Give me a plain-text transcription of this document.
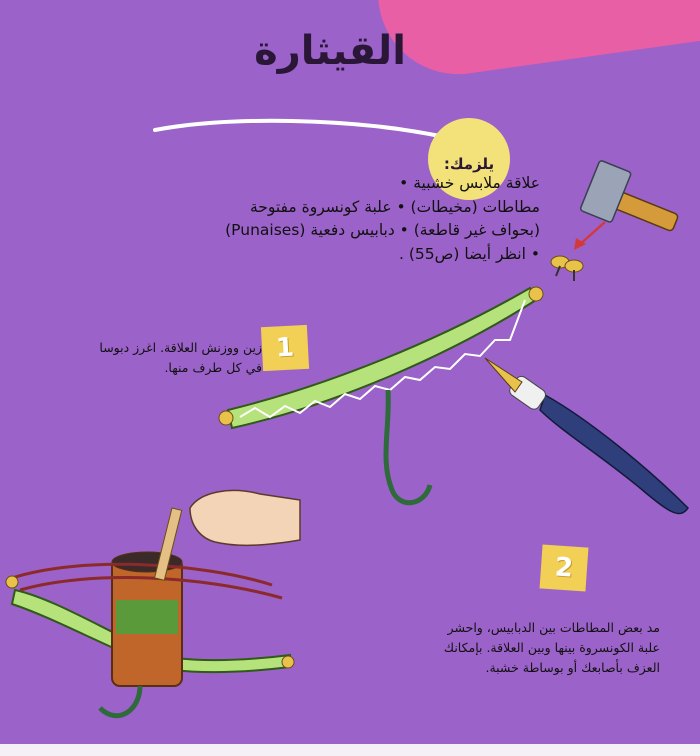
القيثارة
يلزمك:
علاقة ملابس خشبية •
مطاطات (مخيطات) • علبة كونسروة مفتوحة
(بحواف غير قاطعة) • دبابيس دفعية (Punaises)
• انظر أيضا (ص55) .
1
زين ووزنش العلاقة. اغرز دبوسا
في كل طرف منها.
2
مد بعض المطاطات بين الدبابيس، واحشر
علبة الكونسروة بينها وبين العلاقة. بإمكانك
العزف بأصابعك أو بوساطة خشبة.
